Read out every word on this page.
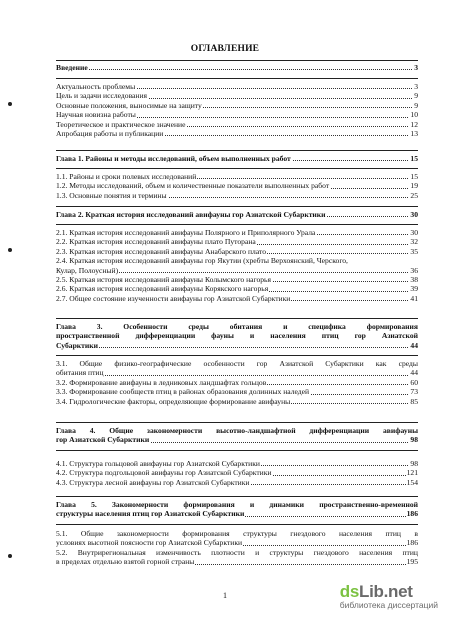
ОГЛАВЛЕНИЕ
Введение	3
Актуальность проблемы	3
Цель и задачи исследования	9
Основные положения, выносимые на защиту	9
Научная новизна работы	10
Теоретическое и практическое значение	12
Апробация работы и публикации	13
Глава 1. Районы и методы исследований, объем выполненных работ	15
1.1. Районы и сроки полевых исследований	15
1.2. Методы исследований, объем и количественные показатели выполненных работ	19
1.3. Основные понятия и термины	25
Глава 2. Краткая история исследований авифауны гор Азиатской Субарктики	30
2.1. Краткая история исследований авифауны Полярного и Приполярного Урала	30
2.2. Краткая история исследований авифауны плато Путорана	32
2.3. Краткая история исследований авифауны Анабарского плато	35
2.4. Краткая история исследований авифауны гор Якутии (хребты Верхоянский, Черского,
Кулар, Полоусный)	36
2.5. Краткая история исследований авифауны Колымского нагорья	38
2.6. Краткая история исследований авифауны Корякского нагорья	39
2.7. Общее состояние изученности авифауны гор Азиатской Субарктики	41
Глава 3. Особенности среды обитания и специфика формирования
пространственной дифференциации фауны и населения птиц гор Азиатской
Субарктики	44
3.1. Общие физико-географические особенности гор Азиатской Субарктики как среды
обитания птиц	44
3.2. Формирование авифауны в ледниковых ландшафтах гольцов	60
3.3. Формирование сообществ птиц в районах образования долинных наледей	73
3.4. Гидрологические факторы, определяющие формирование авифауны	85
Глава 4. Общие закономерности высотно-ландшафтной дифференциации авифауны
гор Азиатской Субарктики	98
4.1. Структура гольцовой авифауны гор Азиатской Субарктики	98
4.2. Структура подгольцовой авифауны гор Азиатской Субарктики	121
4.3. Структура лесной авифауны гор Азиатской Субарктики	154
Глава 5. Закономерности формирования и динамики пространственно-временной
структуры населения птиц гор Азиатской Субарктики	186
5.1. Общие закономерности формирования структуры гнездового населения птиц в
условиях высотной поясности гор Азиатской Субарктики	186
5.2. Внутрирегиональная изменчивость плотности и структуры гнездового населения птиц
в пределах отдельно взятой горной страны	195
1	dsLib.net
библиотека диссертаций
